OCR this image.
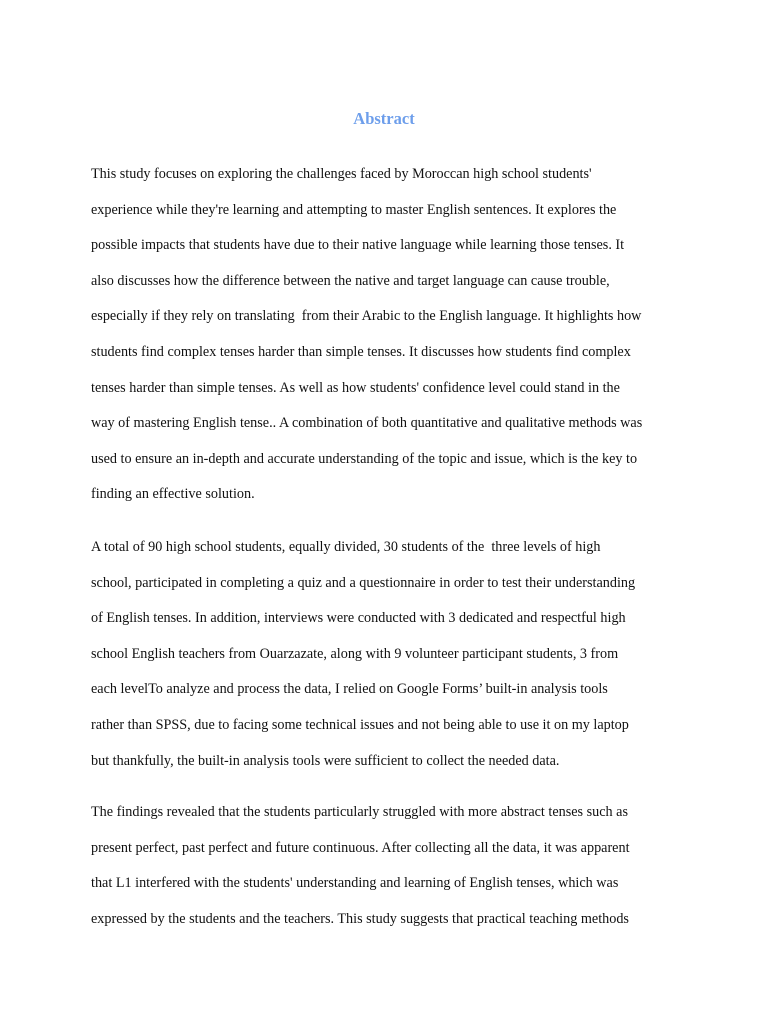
Abstract
This study focuses on exploring the challenges faced by Moroccan high school students'
experience while they're learning and attempting to master English sentences. It explores the
possible impacts that students have due to their native language while learning those tenses. It
also discusses how the difference between the native and target language can cause trouble,
especially if they rely on translating  from their Arabic to the English language. It highlights how
students find complex tenses harder than simple tenses. It discusses how students find complex
tenses harder than simple tenses. As well as how students' confidence level could stand in the
way of mastering English tense.. A combination of both quantitative and qualitative methods was
used to ensure an in-depth and accurate understanding of the topic and issue, which is the key to
finding an effective solution.
A total of 90 high school students, equally divided, 30 students of the  three levels of high
school, participated in completing a quiz and a questionnaire in order to test their understanding
of English tenses. In addition, interviews were conducted with 3 dedicated and respectful high
school English teachers from Ouarzazate, along with 9 volunteer participant students, 3 from
each levelTo analyze and process the data, I relied on Google Forms’ built-in analysis tools
rather than SPSS, due to facing some technical issues and not being able to use it on my laptop
but thankfully, the built-in analysis tools were sufficient to collect the needed data.
The findings revealed that the students particularly struggled with more abstract tenses such as
present perfect, past perfect and future continuous. After collecting all the data, it was apparent
that L1 interfered with the students' understanding and learning of English tenses, which was
expressed by the students and the teachers. This study suggests that practical teaching methods
